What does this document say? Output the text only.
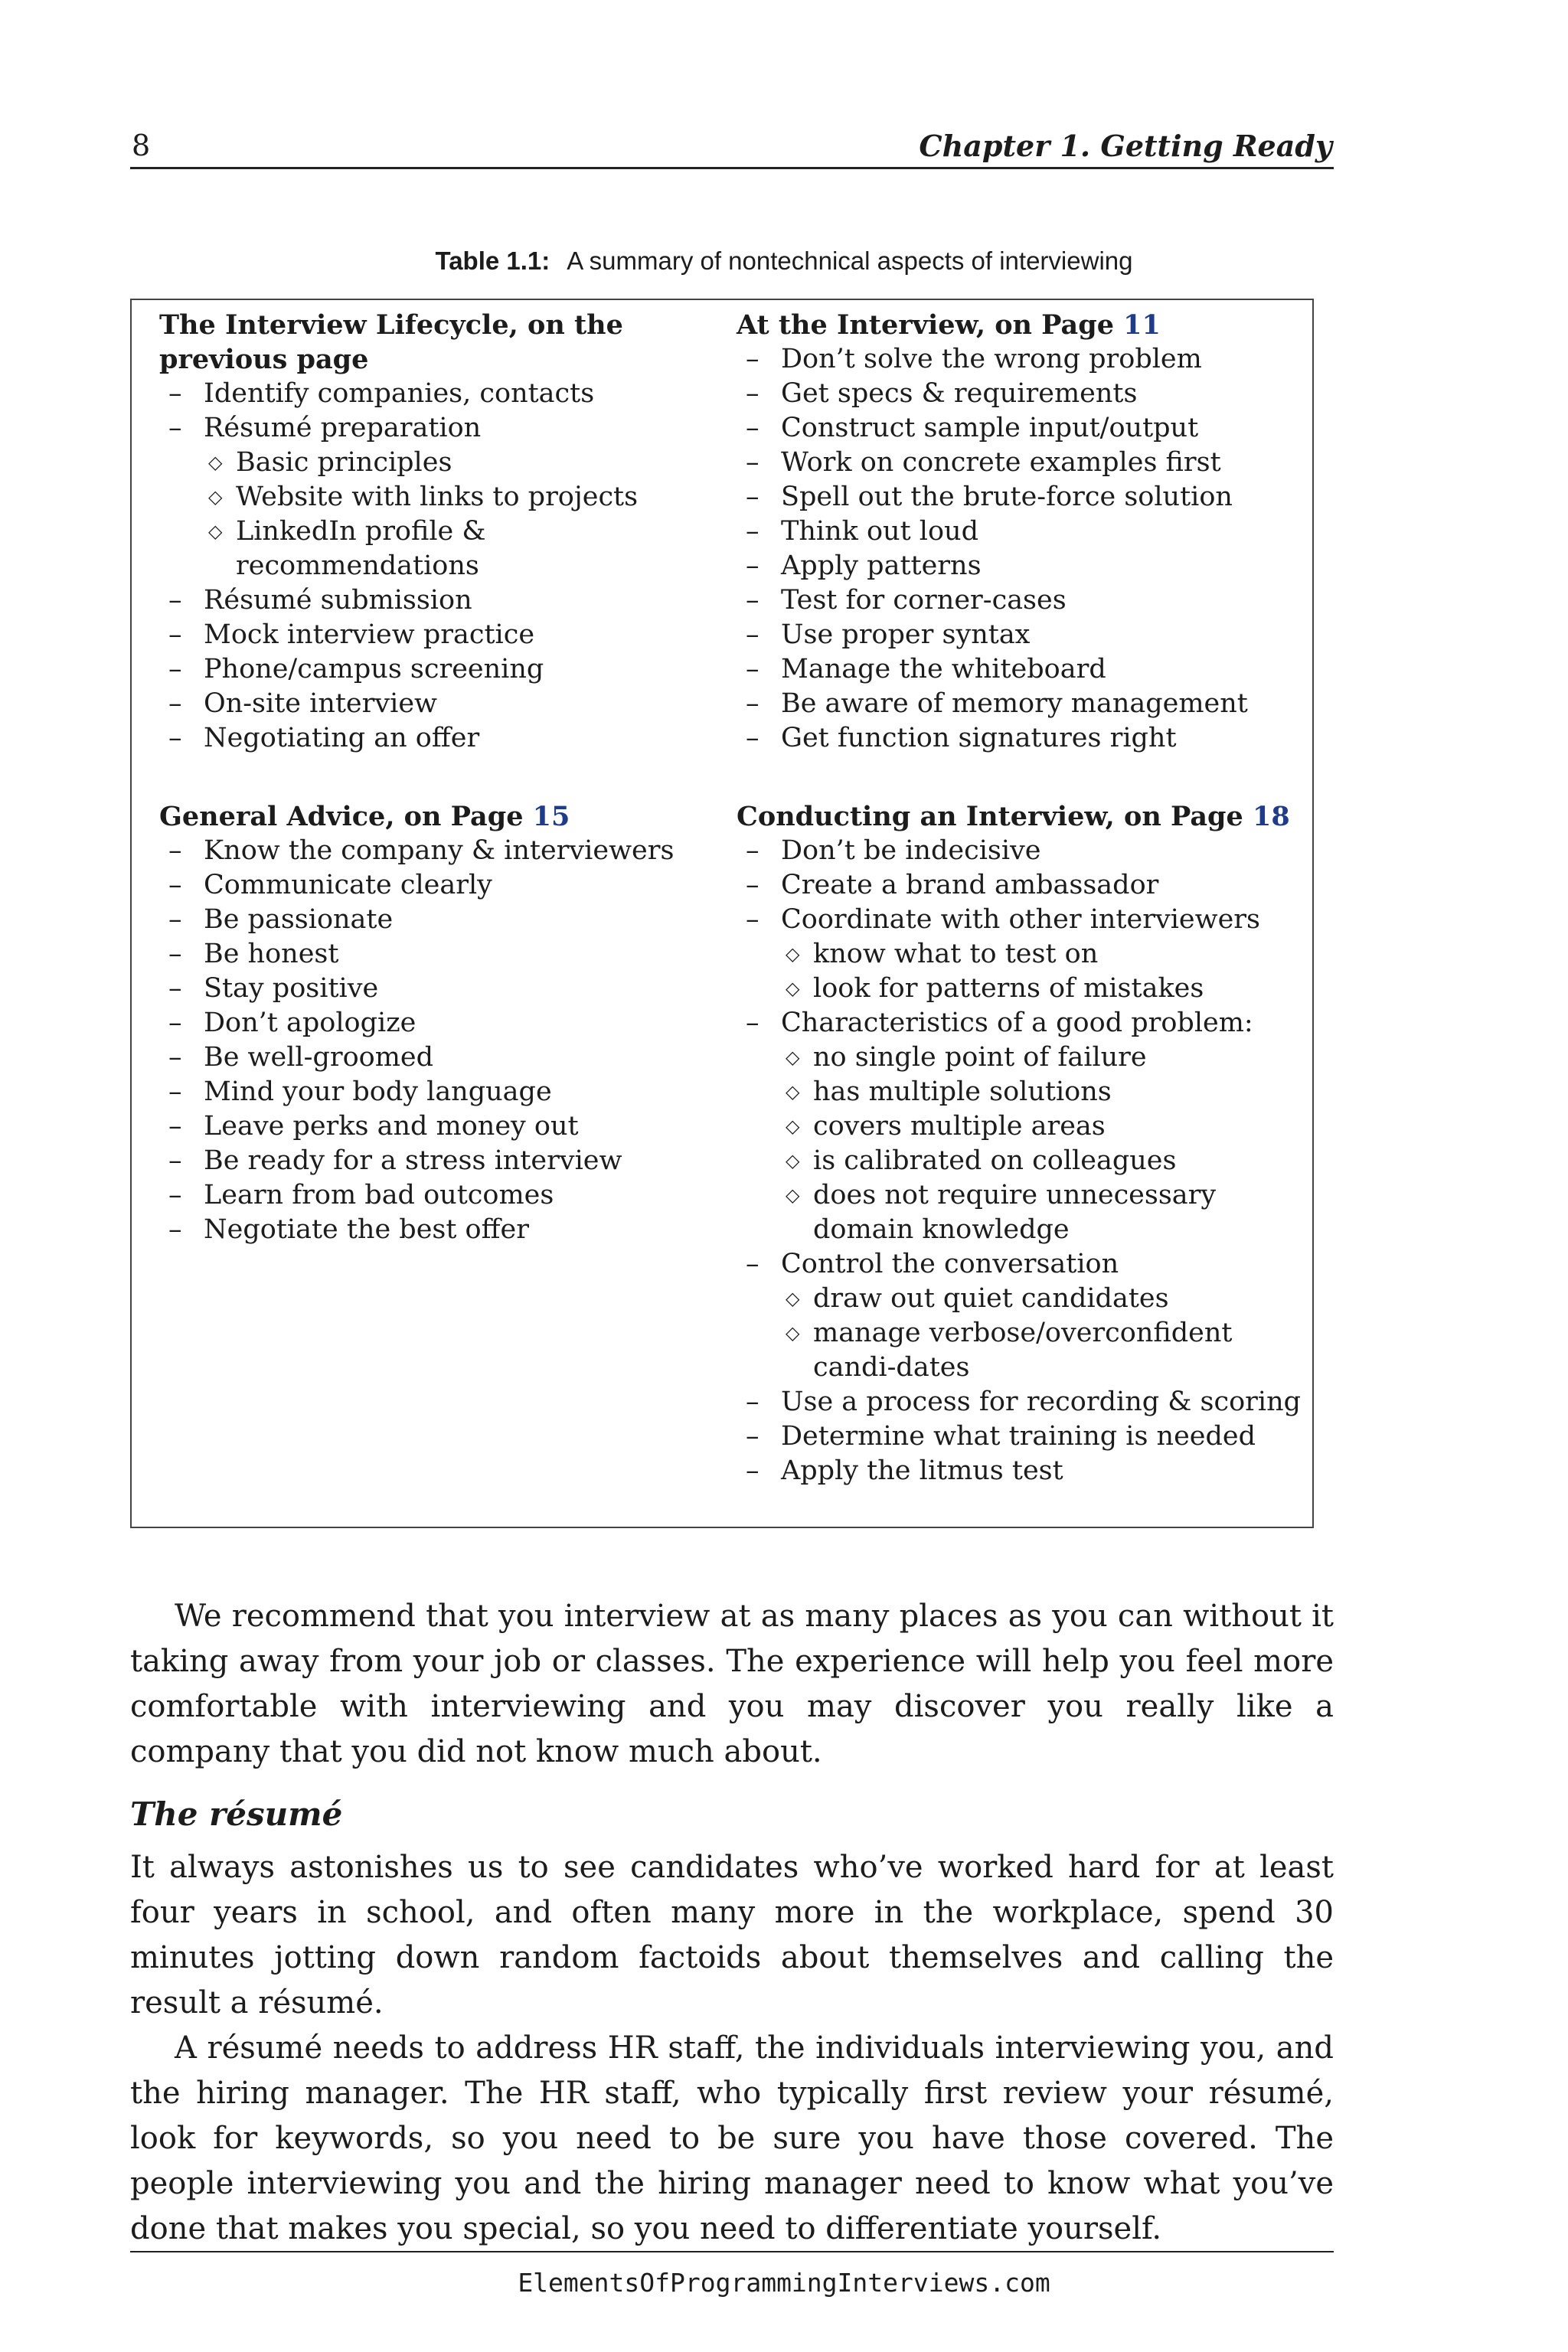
8	Chapter 1. Getting Ready
Table 1.1: A summary of nontechnical aspects of interviewing
The Interview Lifecycle, on the previous page
– Identify companies, contacts
– Résumé preparation
◇ Basic principles
◇ Website with links to projects
◇ LinkedIn profile & recommendations
– Résumé submission
– Mock interview practice
– Phone/campus screening
– On-site interview
– Negotiating an offer
At the Interview, on Page 11
– Don’t solve the wrong problem
– Get specs & requirements
– Construct sample input/output
– Work on concrete examples first
– Spell out the brute-force solution
– Think out loud
– Apply patterns
– Test for corner-cases
– Use proper syntax
– Manage the whiteboard
– Be aware of memory management
– Get function signatures right
General Advice, on Page 15
– Know the company & interviewers
– Communicate clearly
– Be passionate
– Be honest
– Stay positive
– Don’t apologize
– Be well-groomed
– Mind your body language
– Leave perks and money out
– Be ready for a stress interview
– Learn from bad outcomes
– Negotiate the best offer
Conducting an Interview, on Page 18
– Don’t be indecisive
– Create a brand ambassador
– Coordinate with other interviewers
◇ know what to test on
◇ look for patterns of mistakes
– Characteristics of a good problem:
◇ no single point of failure
◇ has multiple solutions
◇ covers multiple areas
◇ is calibrated on colleagues
◇ does not require unnecessary domain knowledge
– Control the conversation
◇ draw out quiet candidates
◇ manage verbose/overconfident candi-dates
– Use a process for recording & scoring
– Determine what training is needed
– Apply the litmus test

We recommend that you interview at as many places as you can without it taking away from your job or classes. The experience will help you feel more comfortable with interviewing and you may discover you really like a company that you did not know much about.

The résumé

It always astonishes us to see candidates who’ve worked hard for at least four years in school, and often many more in the workplace, spend 30 minutes jotting down random factoids about themselves and calling the result a résumé.

A résumé needs to address HR staff, the individuals interviewing you, and the hiring manager. The HR staff, who typically first review your résumé, look for keywords, so you need to be sure you have those covered. The people interviewing you and the hiring manager need to know what you’ve done that makes you special, so you need to differentiate yourself.

ElementsOfProgrammingInterviews.com
